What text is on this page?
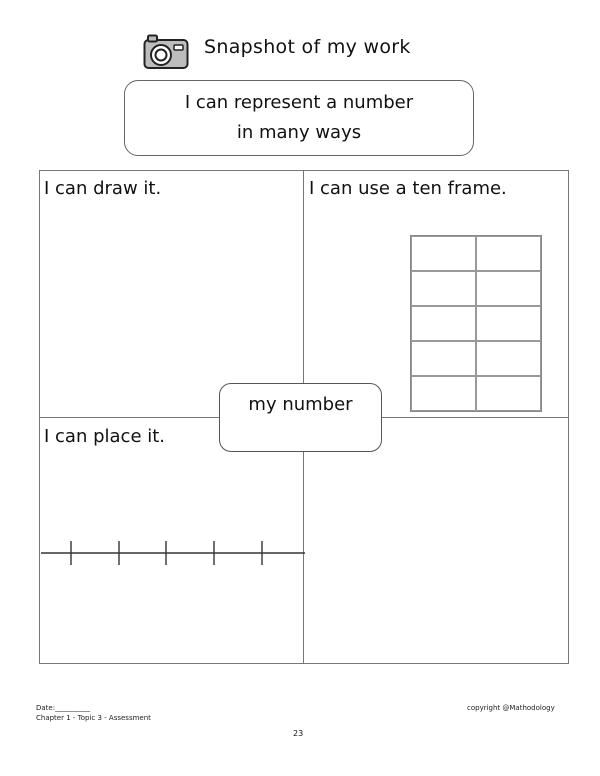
Snapshot of my work
I can represent a number
in many ways
I can draw it.	I can use a ten frame.
I can place it.
my number
Date:__________
Chapter 1 - Topic 3 - Assessment
copyright @Mathodology
23
